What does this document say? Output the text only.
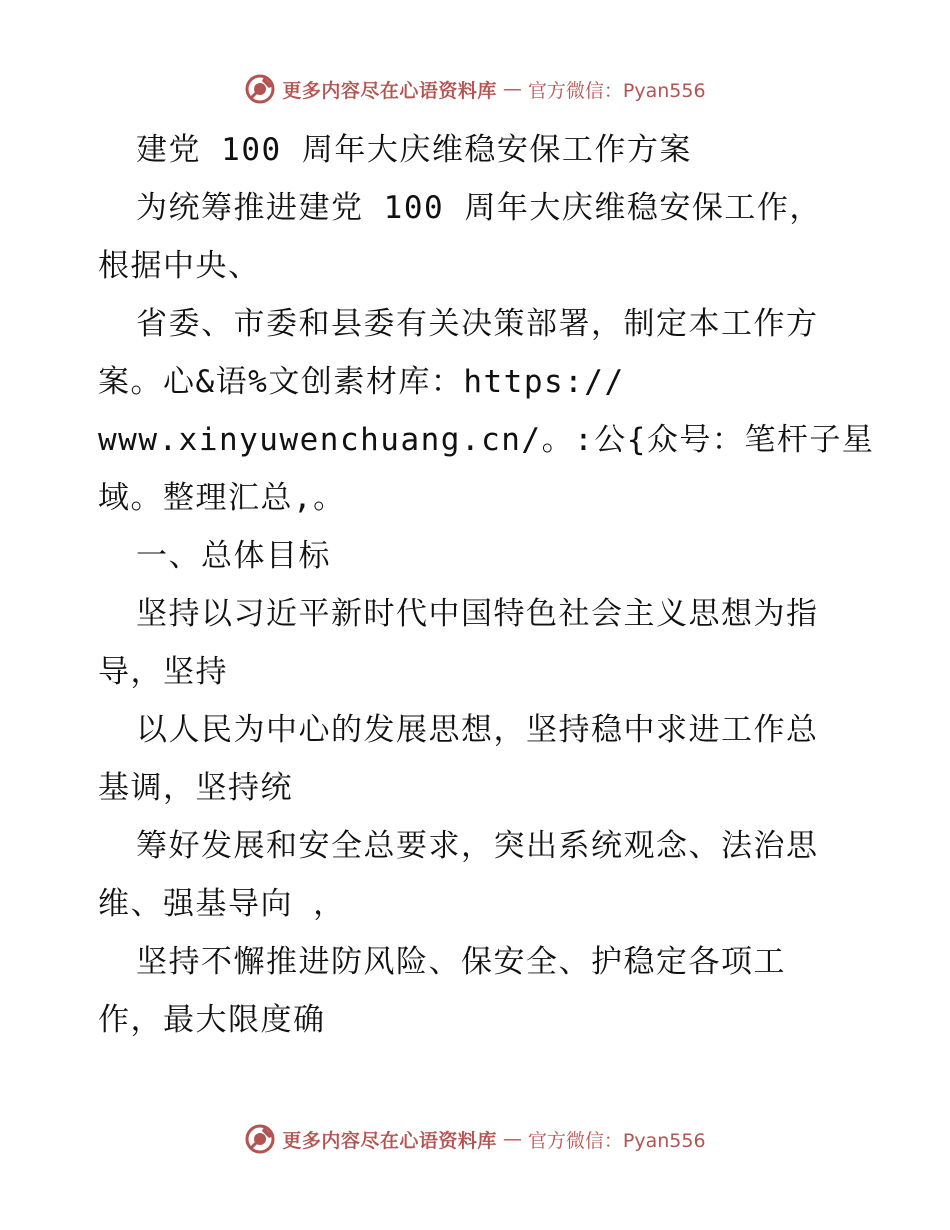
更多内容尽在心语资料库 — 官方微信：Pyan556
建党 100 周年大庆维稳安保工作方案
为统筹推进建党 100 周年大庆维稳安保工作，
根据中央、
省委、市委和县委有关决策部署，制定本工作方
案。心&语%文创素材库：https://
www.xinyuwenchuang.cn/。:公{众号：笔杆子星
域。整理汇总,。
一、总体目标
坚持以习近平新时代中国特色社会主义思想为指
导，坚持
以人民为中心的发展思想，坚持稳中求进工作总
基调，坚持统
筹好发展和安全总要求，突出系统观念、法治思
维、强基导向 ，
坚持不懈推进防风险、保安全、护稳定各项工
作，最大限度确
更多内容尽在心语资料库 — 官方微信：Pyan556
